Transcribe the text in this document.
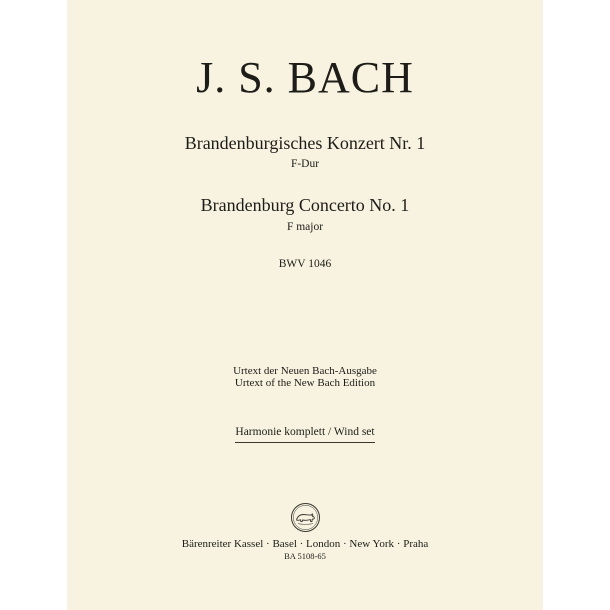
J. S. BACH
Brandenburgisches Konzert Nr. 1
F-Dur
Brandenburg Concerto No. 1
F major
BWV 1046
Urtext der Neuen Bach-Ausgabe
Urtext of the New Bach Edition
Harmonie komplett / Wind set
Bärenreiter Kassel · Basel · London · New York · Praha
BA 5108-65
